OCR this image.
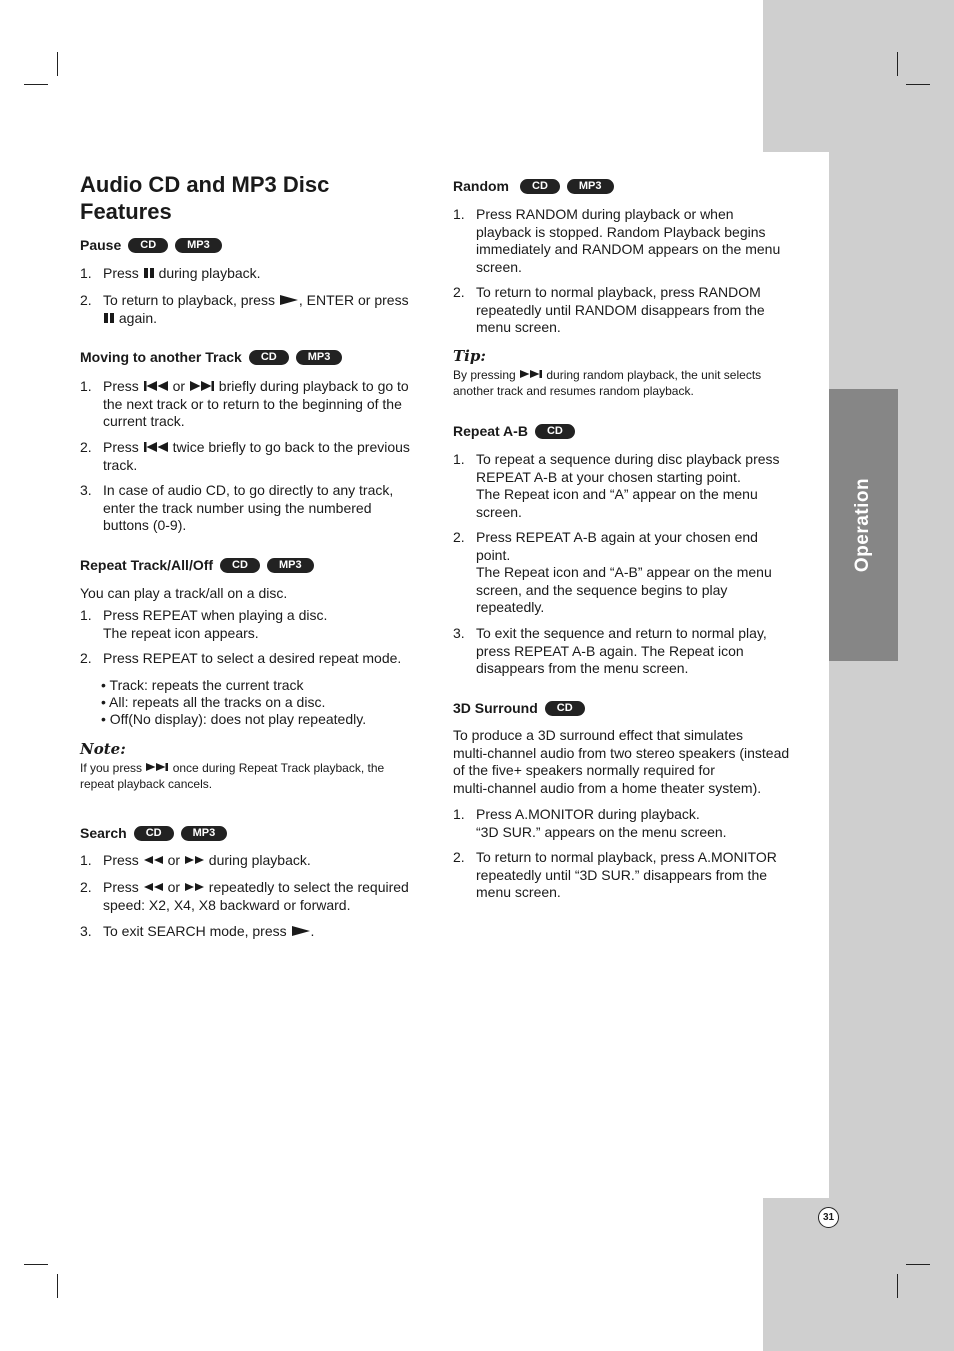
Operation
31
Audio CD and MP3 Disc
Features
Pause	CD	MP3
1. Press  during playback.
2. To return to playback, press , ENTER or press
again.
Moving to another Track	CD	MP3
1. Press  or  briefly during playback to go to
the next track or to return to the beginning of the
current track.
2. Press  twice briefly to go back to the previous
track.
3. In case of audio CD, to go directly to any track,
enter the track number using the numbered
buttons (0-9).
Repeat Track/All/Off	CD	MP3
You can play a track/all on a disc.
1. Press REPEAT when playing a disc.
The repeat icon appears.
2. Press REPEAT to select a desired repeat mode.
• Track: repeats the current track
• All: repeats all the tracks on a disc.
• Off(No display): does not play repeatedly.
Note:
If you press  once during Repeat Track playback, the
repeat playback cancels.
Search	CD	MP3
1. Press  or  during playback.
2. Press  or  repeatedly to select the required
speed: X2, X4, X8 backward or forward.
3. To exit SEARCH mode, press .
Random	CD	MP3
1. Press RANDOM during playback or when
playback is stopped. Random Playback begins
immediately and RANDOM appears on the menu
screen.
2. To return to normal playback, press RANDOM
repeatedly until RANDOM disappears from the
menu screen.
Tip:
By pressing  during random playback, the unit selects
another track and resumes random playback.
Repeat A-B	CD
1. To repeat a sequence during disc playback press
REPEAT A-B at your chosen starting point.
The Repeat icon and “A” appear on the menu
screen.
2. Press REPEAT A-B again at your chosen end
point.
The Repeat icon and “A-B” appear on the menu
screen, and the sequence begins to play
repeatedly.
3. To exit the sequence and return to normal play,
press REPEAT A-B again. The Repeat icon
disappears from the menu screen.
3D Surround	CD
To produce a 3D surround effect that simulates
multi-channel audio from two stereo speakers (instead
of the five+ speakers normally required for
multi-channel audio from a home theater system).
1. Press A.MONITOR during playback.
“3D SUR.” appears on the menu screen.
2. To return to normal playback, press A.MONITOR
repeatedly until “3D SUR.” disappears from the
menu screen.
